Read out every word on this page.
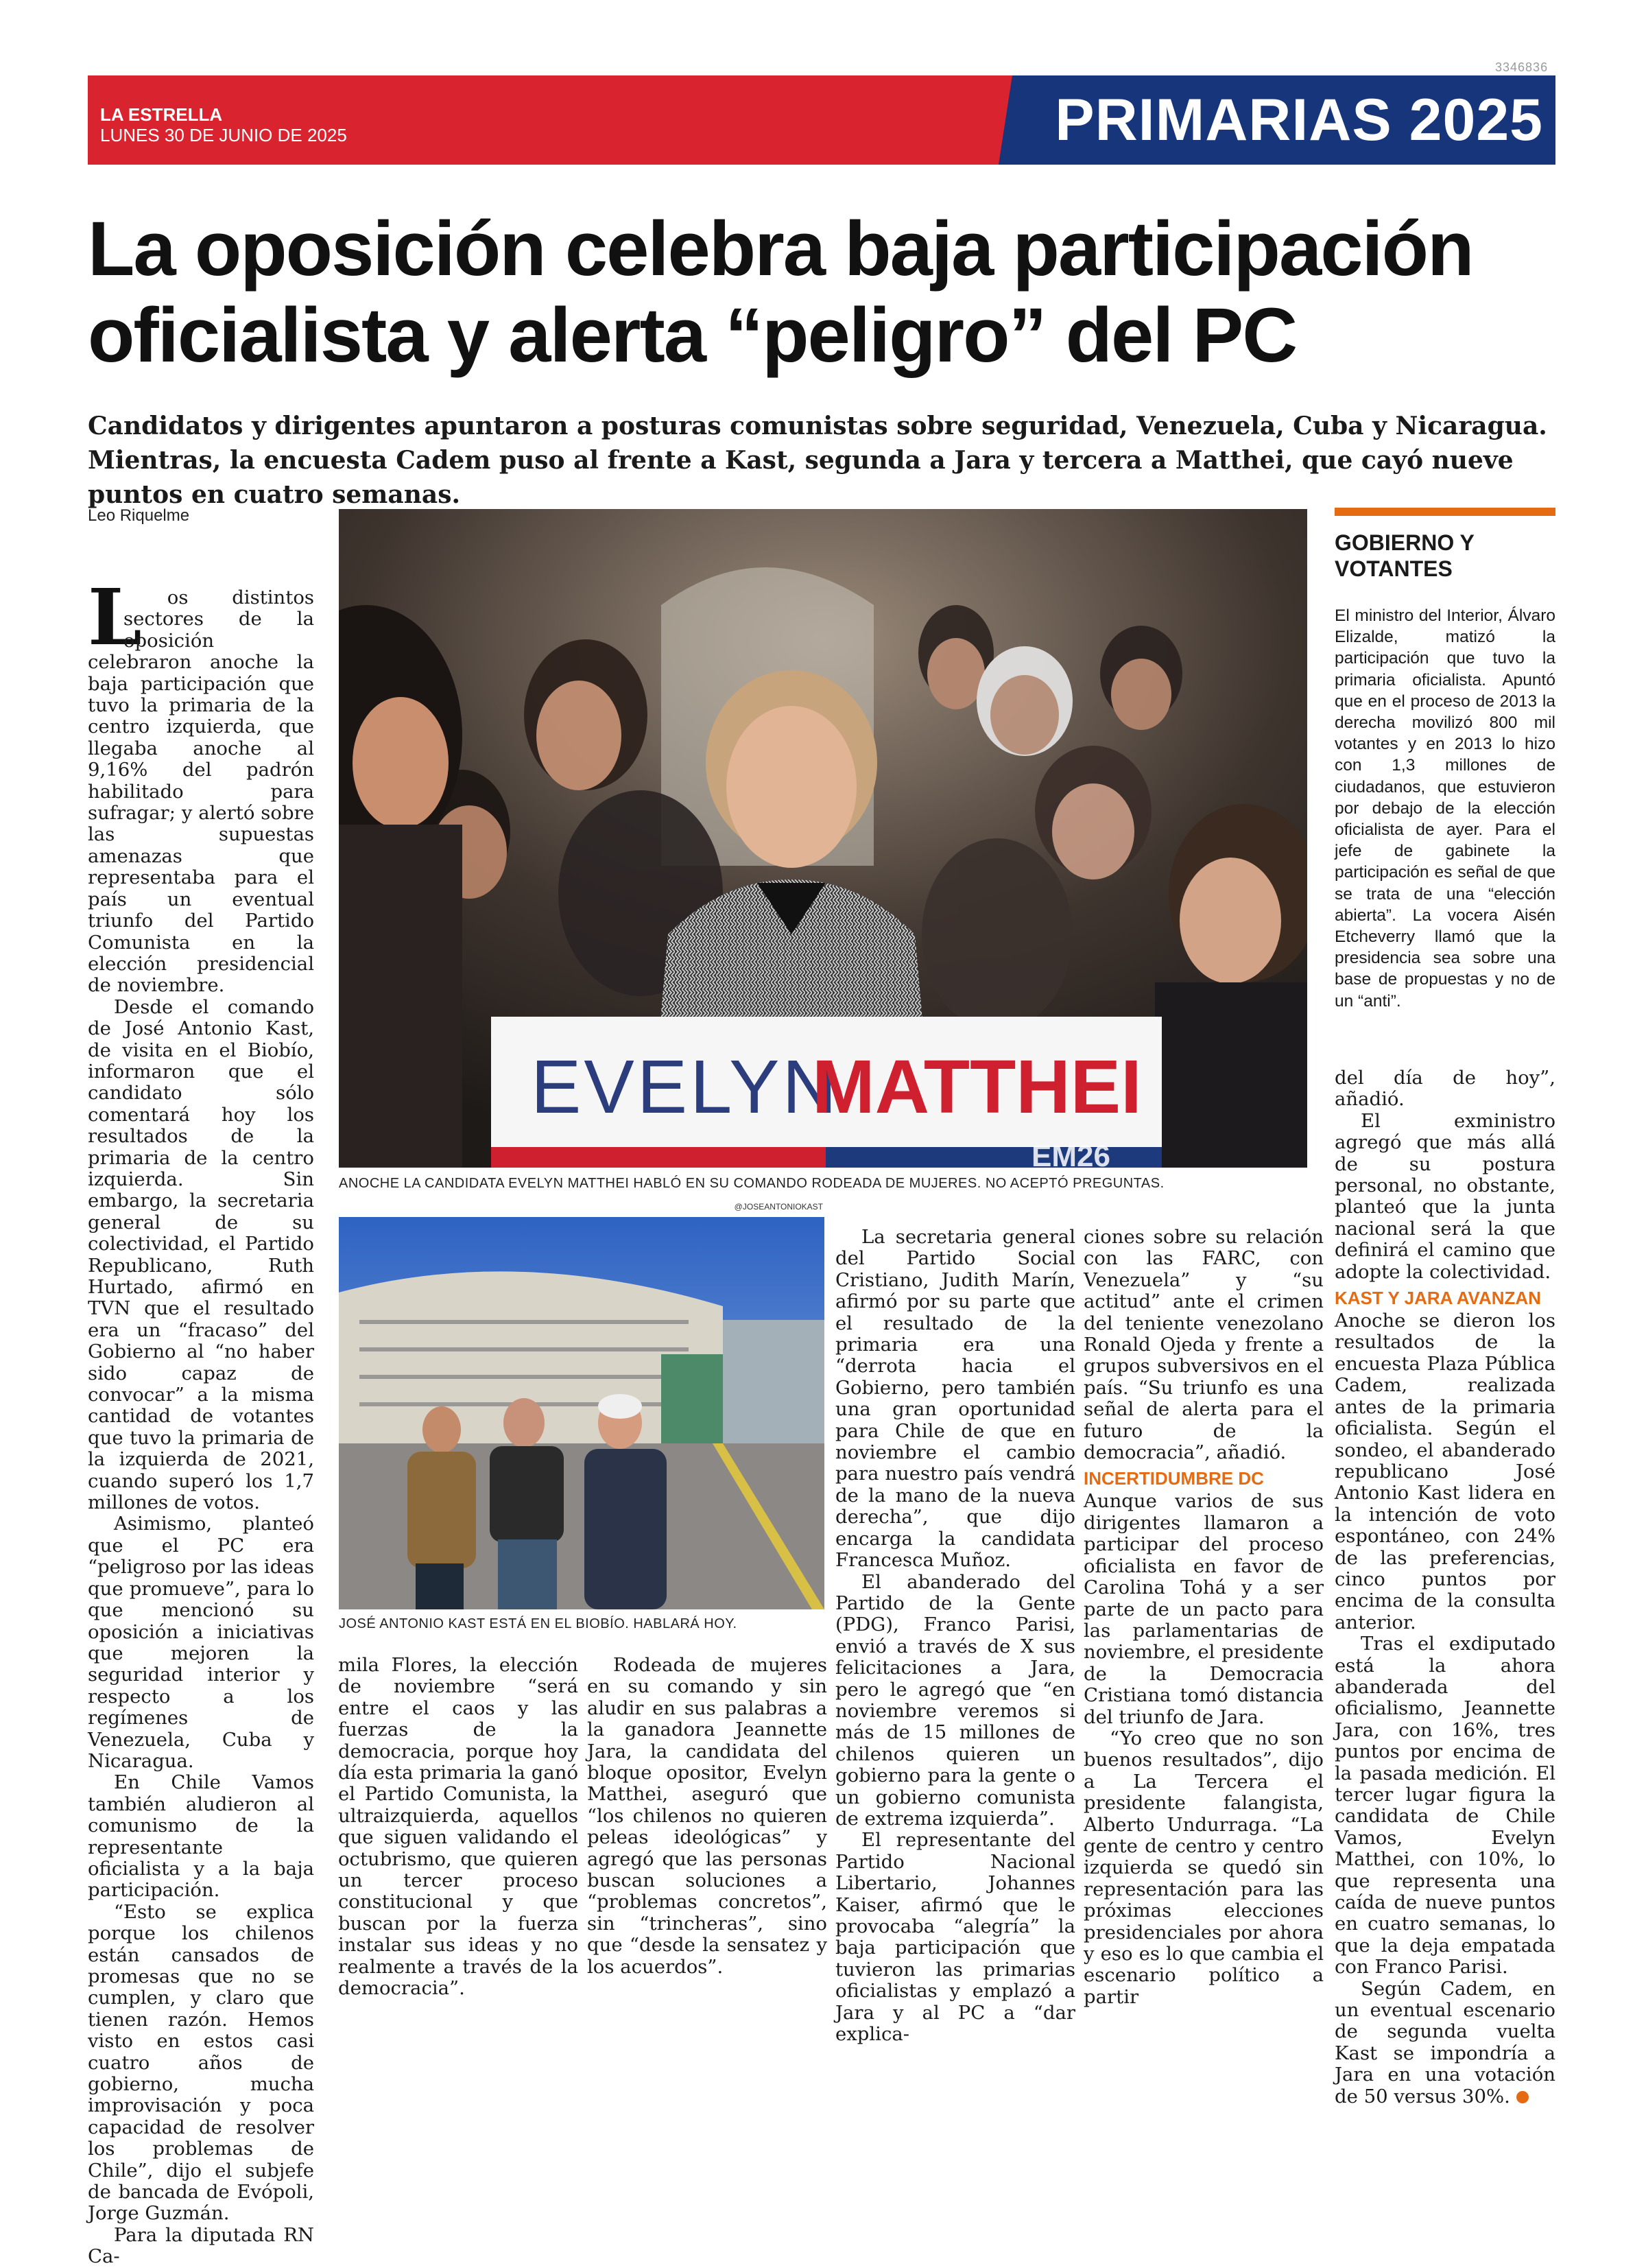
3346836
LA ESTRELLA
LUNES 30 DE JUNIO DE 2025	PRIMARIAS 2025
La oposición celebra baja participación oficialista y alerta “peligro” del PC
Candidatos y dirigentes apuntaron a posturas comunistas sobre seguridad, Venezuela, Cuba y Nicaragua. Mientras, la encuesta Cadem puso al frente a Kast, segunda a Jara y tercera a Matthei, que cayó nueve puntos en cuatro semanas.
Leo Riquelme
EVELYN
MATTHEI
EM26
ANOCHE LA CANDIDATA EVELYN MATTHEI HABLÓ EN SU COMANDO RODEADA DE MUJERES. NO ACEPTÓ PREGUNTAS.
@JOSEANTONIOKAST
JOSÉ ANTONIO KAST ESTÁ EN EL BIOBÍO. HABLARÁ HOY.
GOBIERNO Y VOTANTES
El ministro del Interior, Álvaro Elizalde, matizó la participación que tuvo la primaria oficialista. Apuntó que en el proceso de 2013 la derecha movilizó 800 mil votantes y en 2013 lo hizo con 1,3 millones de ciudadanos, que estuvieron por debajo de la elección oficialista de ayer. Para el jefe de gabinete la participación es señal de que se trata de una “elección abierta”. La vocera Aisén Etcheverry llamó que la presidencia sea sobre una base de propuestas y no de un “anti”.
L

	os distintos sectores de la oposición celebraron anoche la baja participación que tuvo la primaria de la centro izquierda, que llegaba anoche al 9,16% del padrón habilitado para sufragar; y alertó sobre las supuestas amenazas que representaba para el país un eventual triunfo del Partido Comunista en la elección presidencial de noviembre.

Desde el comando de José Antonio Kast, de visita en el Biobío, informaron que el candidato sólo comentará hoy los resultados de la primaria de la centro izquierda. Sin embargo, la secretaria general de su colectividad, el Partido Republicano, Ruth Hurtado, afirmó en TVN que el resultado era un “fracaso” del Gobierno al “no haber sido capaz de convocar” a la misma cantidad de votantes que tuvo la primaria de la izquierda de 2021, cuando superó los 1,7 millones de votos.

Asimismo, planteó que el PC era “peligroso por las ideas que promueve”, para lo que mencionó su oposición a iniciativas que mejoren la seguridad interior y respecto a los regímenes de Venezuela, Cuba y Nicaragua.

En Chile Vamos también aludieron al comunismo de la representante oficialista y a la baja participación.

“Esto se explica porque los chilenos están cansados de promesas que no se cumplen, y claro que tienen razón. Hemos visto en estos casi cuatro años de gobierno, mucha improvisación y poca capacidad de resolver los problemas de Chile”, dijo el subjefe de bancada de Evópoli, Jorge Guzmán.

Para la diputada RN Ca-

mila Flores, la elección de noviembre “será entre el caos y las fuerzas de la democracia, porque hoy día esta primaria la ganó el Partido Comunista, la ultraizquierda, aquellos que siguen validando el octubrismo, que quieren un tercer proceso constitucional y que buscan por la fuerza instalar sus ideas y no realmente a través de la democracia”.

Rodeada de mujeres en su comando y sin aludir en sus palabras a la ganadora Jeannette Jara, la candidata del bloque opositor, Evelyn Matthei, aseguró que “los chilenos no quieren peleas ideológicas” y agregó que las personas buscan soluciones a “problemas concretos”, sin “trincheras”, sino que “desde la sensatez y los acuerdos”.

La secretaria general del Partido Social Cristiano, Judith Marín, afirmó por su parte que el resultado de la primaria era una “derrota hacia el Gobierno, pero también una gran oportunidad para Chile de que en noviembre el cambio para nuestro país vendrá de la mano de la nueva derecha”, que dijo encarga la candidata Francesca Muñoz.

El abanderado del Partido de la Gente (PDG), Franco Parisi, envió a través de X sus felicitaciones a Jara, pero le agregó que “en noviembre veremos si más de 15 millones de chilenos quieren un gobierno para la gente o un gobierno comunista de extrema izquierda”.

El representante del Partido Nacional Libertario, Johannes Kaiser, afirmó que le provocaba “alegría” la baja participación que tuvieron las primarias oficialistas y emplazó a Jara y al PC a “dar explica-

ciones sobre su relación con las FARC, con Venezuela” y “su actitud” ante el crimen del teniente venezolano Ronald Ojeda y frente a grupos subversivos en el país. “Su triunfo es una señal de alerta para el futuro de la democracia”, añadió.

INCERTIDUMBRE DC

Aunque varios de sus dirigentes llamaron a participar del proceso oficialista en favor de Carolina Tohá y a ser parte de un pacto para las parlamentarias de noviembre, el presidente de la Democracia Cristiana tomó distancia del triunfo de Jara.

“Yo creo que no son buenos resultados”, dijo a La Tercera el presidente falangista, Alberto Undurraga. “La gente de centro y centro izquierda se quedó sin representación para las próximas elecciones presidenciales por ahora y eso es lo que cambia el escenario político a partir

del día de hoy”, añadió.

El exministro agregó que más allá de su postura personal, no obstante, planteó que la junta nacional será la que definirá el camino que adopte la colectividad.

KAST Y JARA AVANZAN

Anoche se dieron los resultados de la encuesta Plaza Pública Cadem, realizada antes de la primaria oficialista. Según el sondeo, el abanderado republicano José Antonio Kast lidera en la intención de voto espontáneo, con 24% de las preferencias, cinco puntos por encima de la consulta anterior.

Tras el exdiputado está la ahora abanderada del oficialismo, Jeannette Jara, con 16%, tres puntos por encima de la pasada medición. El tercer lugar figura la candidata de Chile Vamos, Evelyn Matthei, con 10%, lo que representa una caída de nueve puntos en cuatro semanas, lo que la deja empatada con Franco Parisi.

Según Cadem, en un eventual escenario de segunda vuelta Kast se impondría a Jara en una votación de 50 versus 30%.	✪
